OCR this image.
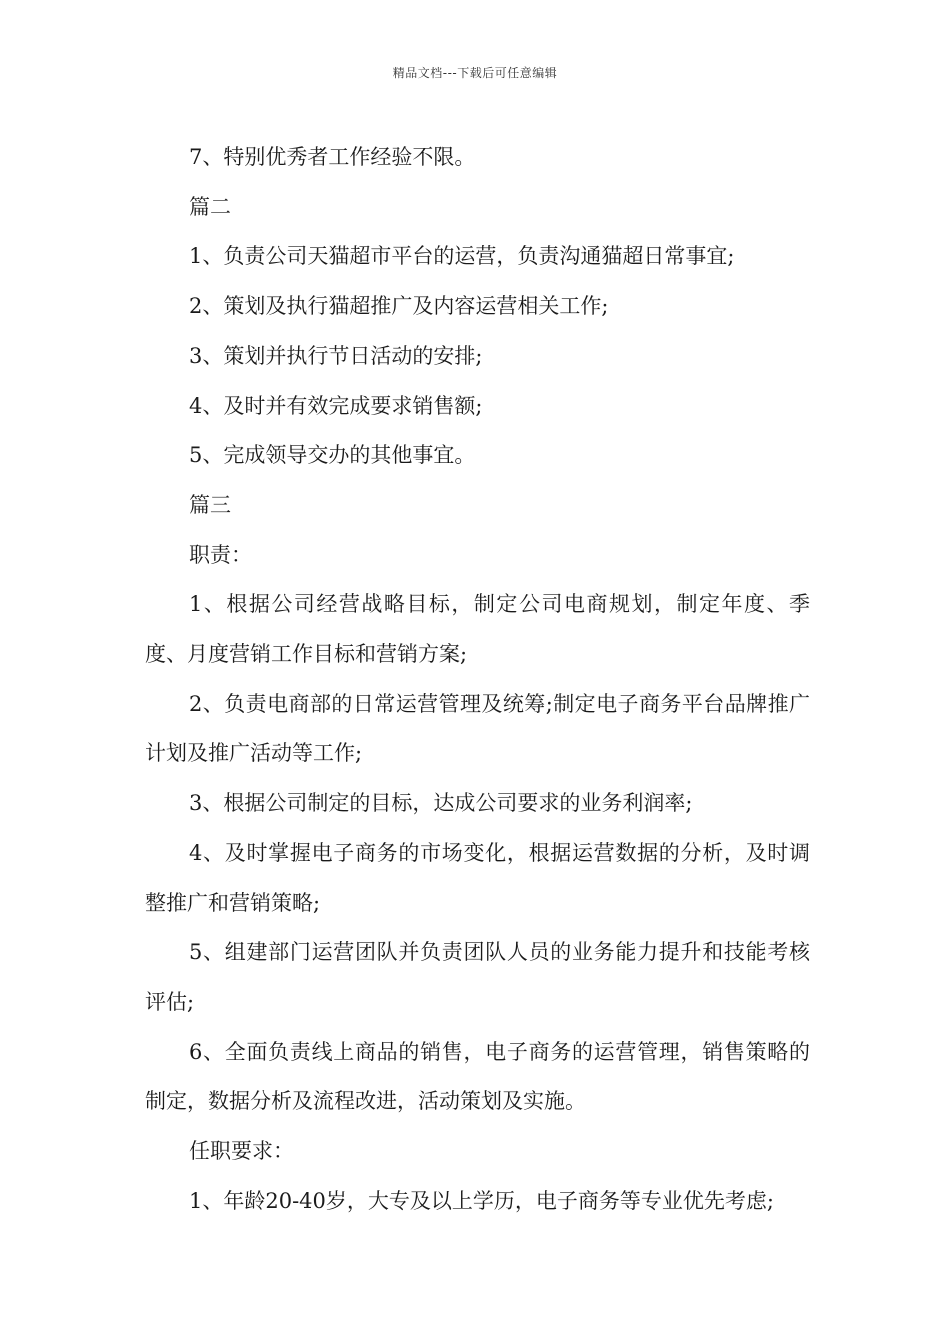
精品文档---下载后可任意编辑

7、特别优秀者工作经验不限。

篇二

1、负责公司天猫超市平台的运营，负责沟通猫超日常事宜;

2、策划及执行猫超推广及内容运营相关工作;

3、策划并执行节日活动的安排;

4、及时并有效完成要求销售额;

5、完成领导交办的其他事宜。

篇三

职责：

1、根据公司经营战略目标，制定公司电商规划，制定年度、季度、月度营销工作目标和营销方案;

2、负责电商部的日常运营管理及统筹;制定电子商务平台品牌推广计划及推广活动等工作;

3、根据公司制定的目标，达成公司要求的业务利润率;

4、及时掌握电子商务的市场变化，根据运营数据的分析，及时调整推广和营销策略;

5、组建部门运营团队并负责团队人员的业务能力提升和技能考核评估;

6、全面负责线上商品的销售，电子商务的运营管理，销售策略的制定，数据分析及流程改进，活动策划及实施。

任职要求：

1、年龄20-40岁，大专及以上学历，电子商务等专业优先考虑;
